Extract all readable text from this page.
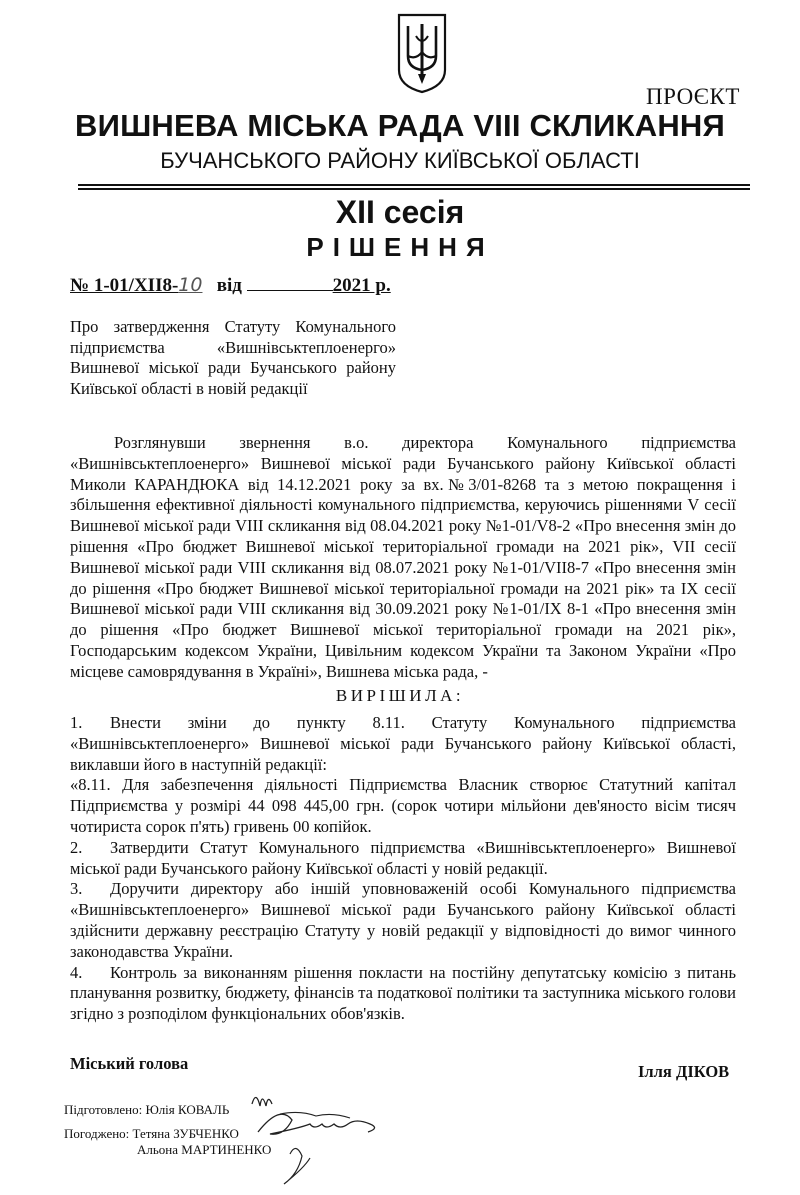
ПРОЄКТ
ВИШНЕВА МІСЬКА РАДА VIII СКЛИКАННЯ
БУЧАНСЬКОГО РАЙОНУ КИЇВСЬКОЇ ОБЛАСТІ
XII сесія
РІШЕННЯ
№ 1-01/ХІІ8-10 від	2021 р.
Про затвердження Статуту Комунального підприємства «Вишнівськтеплоенерго» Вишневої міської ради Бучанського району Київської області в новій редакції

Розглянувши звернення в.о. директора Комунального підприємства «Вишнівськтеплоенерго» Вишневої міської ради Бучанського району Київської області Миколи КАРАНДЮКА від 14.12.2021 року за вх.№3/01-8268 та з метою покращення і збільшення ефективної діяльності комунального підприємства, керуючись рішеннями V сесії Вишневої міської ради VIII скликання від 08.04.2021 року №1-01/V8-2 «Про внесення змін до рішення «Про бюджет Вишневої міської територіальної громади на 2021 рік», VII сесії Вишневої міської ради VIII скликання від 08.07.2021 року №1-01/VII8-7 «Про внесення змін до рішення «Про бюджет Вишневої міської територіальної громади на 2021 рік» та IX сесії Вишневої міської ради VIII скликання від 30.09.2021 року №1-01/IX 8-1 «Про внесення змін до рішення «Про бюджет Вишневої міської територіальної громади на 2021 рік», Господарським кодексом України, Цивільним кодексом України та Законом України «Про місцеве самоврядування в Україні», Вишнева міська рада, -

ВИРІШИЛА:

1. Внести зміни до пункту 8.11. Статуту Комунального підприємства «Вишнівськтеплоенерго» Вишневої міської ради Бучанського району Київської області, виклавши його в наступній редакції:

«8.11. Для забезпечення діяльності Підприємства Власник створює Статутний капітал Підприємства у розмірі 44 098 445,00 грн. (сорок чотири мільйони дев'яносто вісім тисяч чотириста сорок п'ять) гривень 00 копійок.

2. Затвердити Статут Комунального підприємства «Вишнівськтеплоенерго» Вишневої міської ради Бучанського району Київської області у новій редакції.

3. Доручити директору або іншій уповноваженій особі Комунального підприємства «Вишнівськтеплоенерго» Вишневої міської ради Бучанського району Київської області здійснити державну реєстрацію Статуту у новій редакції у відповідності до вимог чинного законодавства України.

4. Контроль за виконанням рішення покласти на постійну депутатську комісію з питань планування розвитку, бюджету, фінансів та податкової політики та заступника міського голови згідно з розподілом функціональних обов'язків.

Міський голова	Ілля ДІКОВ
Підготовлено: Юлія КОВАЛЬ
Погоджено: Тетяна ЗУБЧЕНКО
Альона МАРТИНЕНКО
